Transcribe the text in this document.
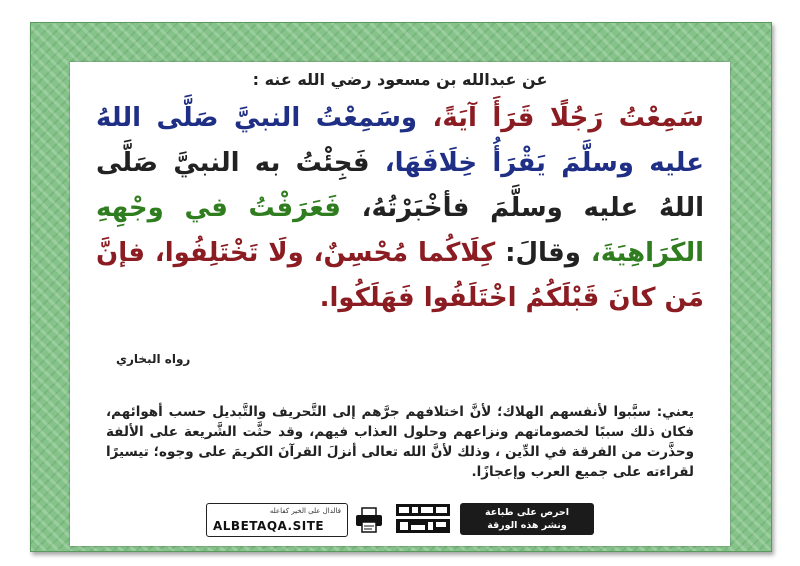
عن عبدالله بن مسعود رضي الله عنه :
سَمِعْتُ رَجُلًا قَرَأَ آيَةً، وسَمِعْتُ النبيَّ صَلَّى اللهُ عليه وسلَّمَ يَقْرَأُ خِلَافَهَا، فَجِئْتُ به النبيَّ صَلَّى اللهُ عليه وسلَّمَ فأخْبَرْتُهُ، فَعَرَفْتُ في وجْهِهِ الكَرَاهِيَةَ، وقالَ: كِلَاكُما مُحْسِنٌ، ولَا تَخْتَلِفُوا، فإنَّ مَن كانَ قَبْلَكُمُ اخْتَلَفُوا فَهَلَكُوا.
رواه البخاري
يعني: سبَّبوا لأنفسهم الهلاك؛ لأنَّ اختلافهم جرَّهم إلى التَّحريف والتَّبديل حسب أهوائهم، فكان ذلك سببًا لخصوماتهم ونزاعهم وحلول العذاب فيهم، وقد حثَّت الشَّريعة على الألفة وحذَّرت من الفرقة في الدِّين ، وذلك لأنَّ الله تعالى أنزلَ القرآنَ الكريمَ على وجوه؛ تيسيرًا لقراءته على جميع العرب وإعجازًا.
فالدال على الخير كفاعله
ALBETAQA.SITE
احرص على طباعة
ونشر هذه الورقة
